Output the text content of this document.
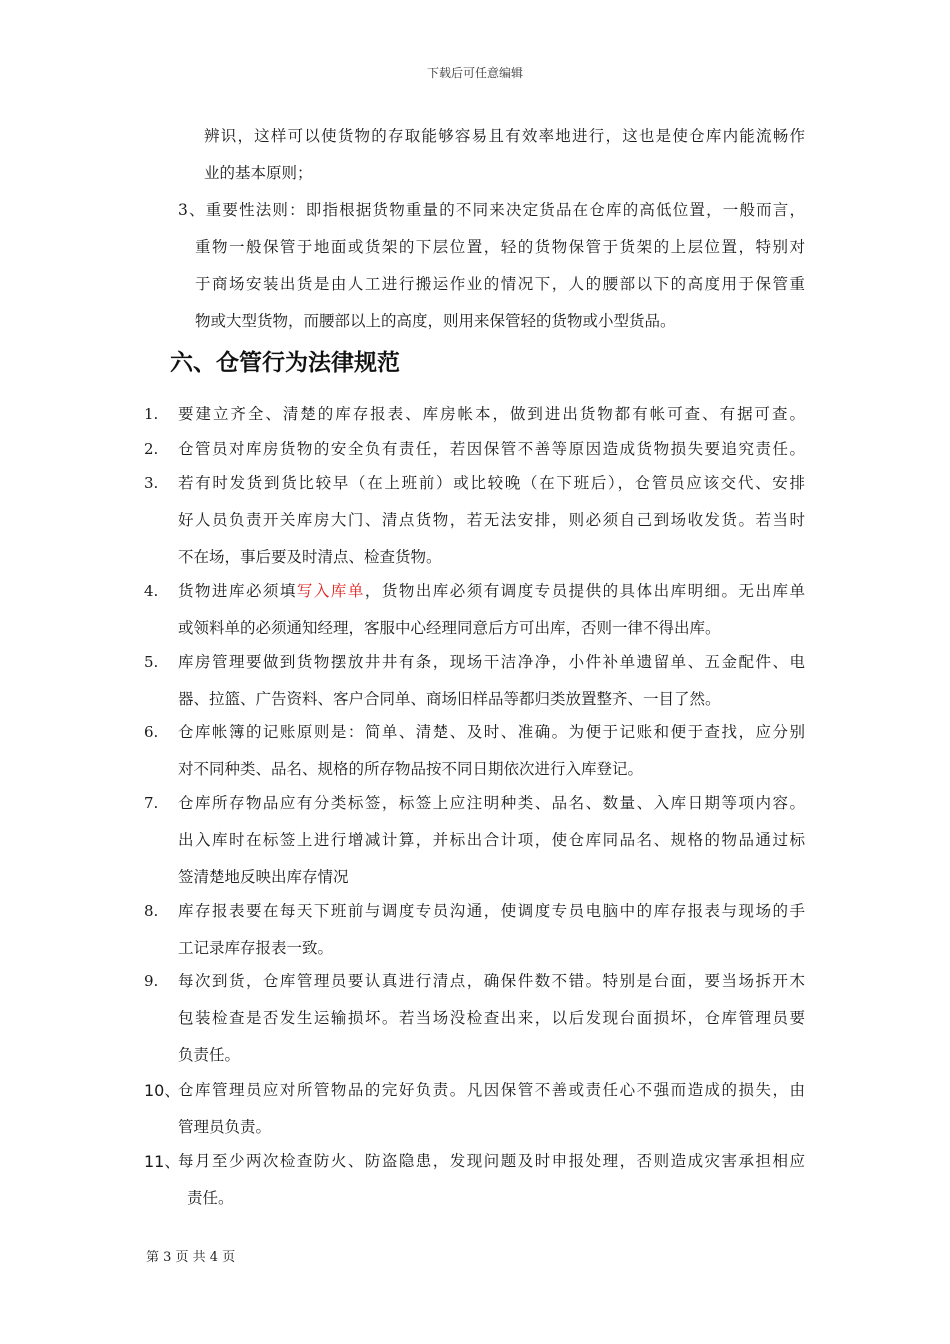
下载后可任意编辑
辨识，这样可以使货物的存取能够容易且有效率地进行，这也是使仓库内能流畅作
业的基本原则；
3、重要性法则：即指根据货物重量的不同来决定货品在仓库的高低位置，一般而言，
重物一般保管于地面或货架的下层位置，轻的货物保管于货架的上层位置，特别对
于商场安装出货是由人工进行搬运作业的情况下，人的腰部以下的高度用于保管重
物或大型货物，而腰部以上的高度，则用来保管轻的货物或小型货品。
六、仓管行为法律规范
1. 要建立齐全、清楚的库存报表、库房帐本，做到进出货物都有帐可查、有据可查。
2. 仓管员对库房货物的安全负有责任，若因保管不善等原因造成货物损失要追究责任。
3. 若有时发货到货比较早（在上班前）或比较晚（在下班后），仓管员应该交代、安排
好人员负责开关库房大门、清点货物，若无法安排，则必须自己到场收发货。若当时
不在场，事后要及时清点、检查货物。
4. 货物进库必须填写入库单，货物出库必须有调度专员提供的具体出库明细。无出库单
或领料单的必须通知经理，客服中心经理同意后方可出库，否则一律不得出库。
5. 库房管理要做到货物摆放井井有条，现场干洁净净，小件补单遗留单、五金配件、电
器、拉篮、广告资料、客户合同单、商场旧样品等都归类放置整齐、一目了然。
6. 仓库帐簿的记账原则是：简单、清楚、及时、准确。为便于记账和便于查找，应分别
对不同种类、品名、规格的所存物品按不同日期依次进行入库登记。
7. 仓库所存物品应有分类标签，标签上应注明种类、品名、数量、入库日期等项内容。
出入库时在标签上进行增减计算，并标出合计项，使仓库同品名、规格的物品通过标
签清楚地反映出库存情况
8. 库存报表要在每天下班前与调度专员沟通，使调度专员电脑中的库存报表与现场的手
工记录库存报表一致。
9. 每次到货，仓库管理员要认真进行清点，确保件数不错。特别是台面，要当场拆开木
包装检查是否发生运输损坏。若当场没检查出来，以后发现台面损坏，仓库管理员要
负责任。
10、
仓库管理员应对所管物品的完好负责。凡因保管不善或责任心不强而造成的损失，由
管理员负责。
11、
每月至少两次检查防火、防盗隐患，发现问题及时申报处理，否则造成灾害承担相应
责任。
第 3 页 共 4 页
